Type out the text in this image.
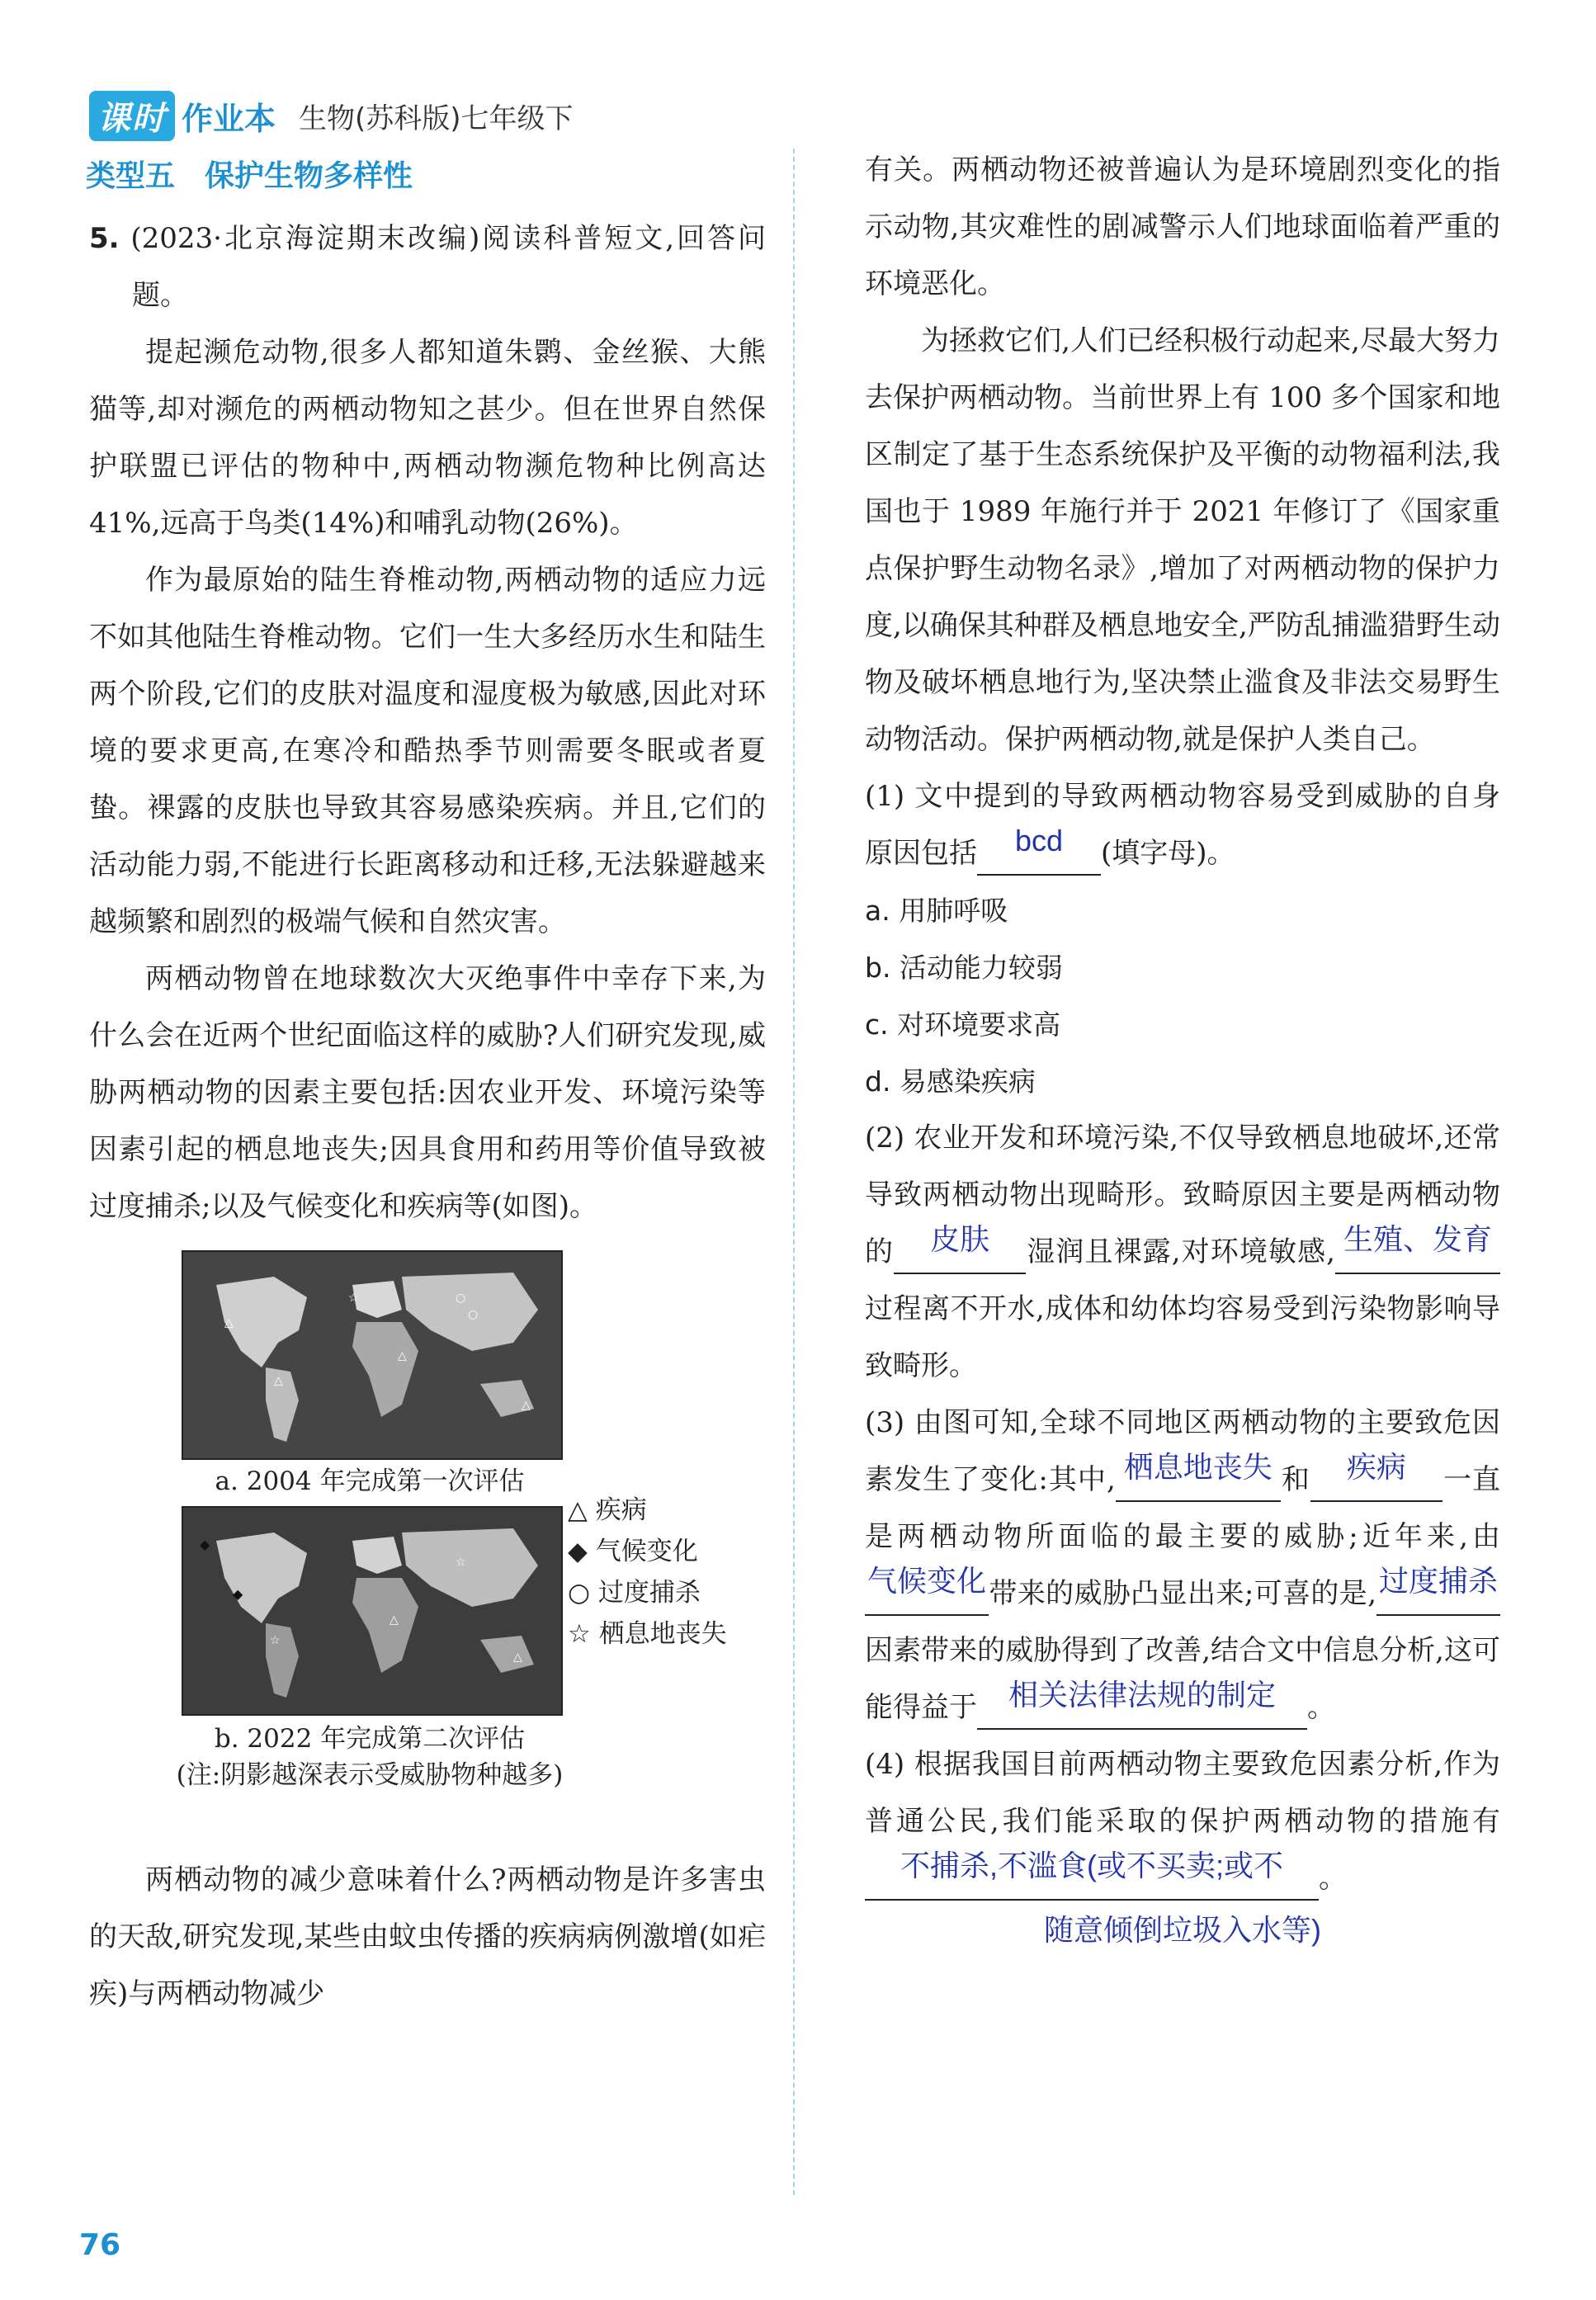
课时 作业本 生物(苏科版)七年级下
类型五　保护生物多样性

5. (2023·北京海淀期末改编)阅读科普短文,回答问题。

提起濒危动物,很多人都知道朱鹮、金丝猴、大熊猫等,却对濒危的两栖动物知之甚少。但在世界自然保护联盟已评估的物种中,两栖动物濒危物种比例高达 41%,远高于鸟类(14%)和哺乳动物(26%)。

作为最原始的陆生脊椎动物,两栖动物的适应力远不如其他陆生脊椎动物。它们一生大多经历水生和陆生两个阶段,它们的皮肤对温度和湿度极为敏感,因此对环境的要求更高,在寒冷和酷热季节则需要冬眠或者夏蛰。裸露的皮肤也导致其容易感染疾病。并且,它们的活动能力弱,不能进行长距离移动和迁移,无法躲避越来越频繁和剧烈的极端气候和自然灾害。

两栖动物曾在地球数次大灭绝事件中幸存下来,为什么会在近两个世纪面临这样的威胁?人们研究发现,威胁两栖动物的因素主要包括:因农业开发、环境污染等因素引起的栖息地丧失;因具食用和药用等价值导致被过度捕杀;以及气候变化和疾病等(如图)。

△
△
△
○
○
☆
△
a. 2004 年完成第一次评估
◆
◆
☆
△
☆
△
△ 疾病
◆ 气候变化
○ 过度捕杀
☆ 栖息地丧失
b. 2022 年完成第二次评估
(注:阴影越深表示受威胁物种越多)

两栖动物的减少意味着什么?两栖动物是许多害虫的天敌,研究发现,某些由蚊虫传播的疾病病例激增(如疟疾)与两栖动物减少

有关。两栖动物还被普遍认为是环境剧烈变化的指示动物,其灾难性的剧减警示人们地球面临着严重的环境恶化。

为拯救它们,人们已经积极行动起来,尽最大努力去保护两栖动物。当前世界上有 100 多个国家和地区制定了基于生态系统保护及平衡的动物福利法,我国也于 1989 年施行并于 2021 年修订了《国家重点保护野生动物名录》,增加了对两栖动物的保护力度,以确保其种群及栖息地安全,严防乱捕滥猎野生动物及破坏栖息地行为,坚决禁止滥食及非法交易野生动物活动。保护两栖动物,就是保护人类自己。

(1) 文中提到的导致两栖动物容易受到威胁的自身原因包括 bcd (填字母)。

a. 用肺呼吸

b. 活动能力较弱

c. 对环境要求高

d. 易感染疾病

(2) 农业开发和环境污染,不仅导致栖息地破坏,还常导致两栖动物出现畸形。致畸原因主要是两栖动物的 皮肤 湿润且裸露,对环境敏感, 生殖、发育过程离不开水,成体和幼体均容易受到污染物影响导致畸形。

(3) 由图可知,全球不同地区两栖动物的主要致危因素发生了变化:其中, 栖息地丧失 和 疾病 一直是两栖动物所面临的最主要的威胁;近年来,由气候变化带来的威胁凸显出来;可喜的是,过度捕杀因素带来的威胁得到了改善,结合文中信息分析,这可能得益于 相关法律法规的制定 。

(4) 根据我国目前两栖动物主要致危因素分析,作为普通公民,我们能采取的保护两栖动物的措施有不捕杀,不滥食(或不买卖;或不 。

随意倾倒垃圾入水等)

76
